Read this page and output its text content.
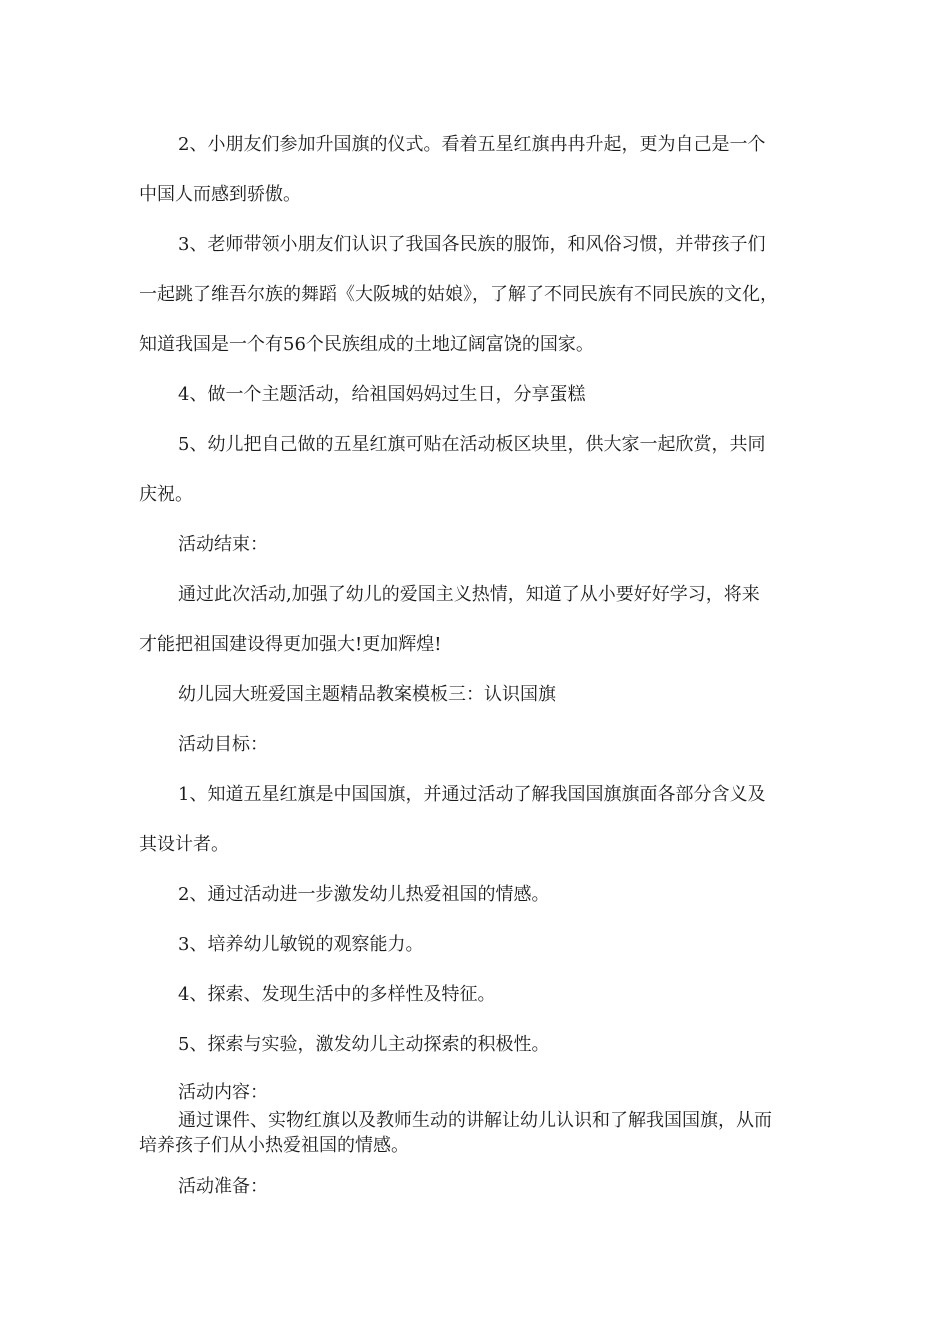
2、小朋友们参加升国旗的仪式。看着五星红旗冉冉升起，更为自己是一个

中国人而感到骄傲。

3、老师带领小朋友们认识了我国各民族的服饰，和风俗习惯，并带孩子们

一起跳了维吾尔族的舞蹈《大阪城的姑娘》，了解了不同民族有不同民族的文化，

知道我国是一个有56个民族组成的土地辽阔富饶的国家。

4、做一个主题活动，给祖国妈妈过生日，分享蛋糕

5、幼儿把自己做的五星红旗可贴在活动板区块里，供大家一起欣赏，共同

庆祝。

活动结束：

通过此次活动,加强了幼儿的爱国主义热情，知道了从小要好好学习，将来

才能把祖国建设得更加强大!更加辉煌!

幼儿园大班爱国主题精品教案模板三：认识国旗

活动目标：

1、知道五星红旗是中国国旗，并通过活动了解我国国旗旗面各部分含义及

其设计者。

2、通过活动进一步激发幼儿热爱祖国的情感。

3、培养幼儿敏锐的观察能力。

4、探索、发现生活中的多样性及特征。

5、探索与实验，激发幼儿主动探索的积极性。

活动内容：

通过课件、实物红旗以及教师生动的讲解让幼儿认识和了解我国国旗，从而

培养孩子们从小热爱祖国的情感。

活动准备：
